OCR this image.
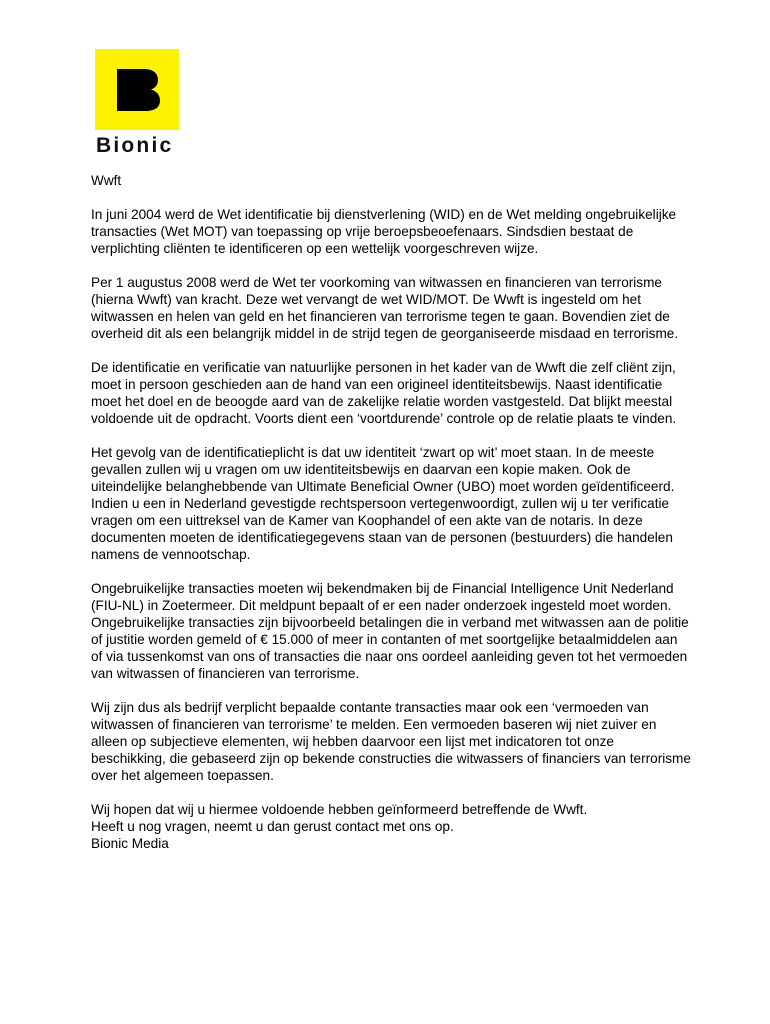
Bionic
Wwft

In juni 2004 werd de Wet identificatie bij dienstverlening (WID) en de Wet melding ongebruikelijke transacties (Wet MOT) van toepassing op vrije beroepsbeoefenaars. Sindsdien bestaat de verplichting cliënten te identificeren op een wettelijk voorgeschreven wijze.

Per 1 augustus 2008 werd de Wet ter voorkoming van witwassen en financieren van terrorisme (hierna Wwft) van kracht. Deze wet vervangt de wet WID/MOT. De Wwft is ingesteld om het witwassen en helen van geld en het financieren van terrorisme tegen te gaan. Bovendien ziet de overheid dit als een belangrijk middel in de strijd tegen de georganiseerde misdaad en terrorisme.

De identificatie en verificatie van natuurlijke personen in het kader van de Wwft die zelf cliënt zijn, moet in persoon geschieden aan de hand van een origineel identiteitsbewijs. Naast identificatie moet het doel en de beoogde aard van de zakelijke relatie worden vastgesteld. Dat blijkt meestal voldoende uit de opdracht. Voorts dient een ‘voortdurende’ controle op de relatie plaats te vinden.

Het gevolg van de identificatieplicht is dat uw identiteit ‘zwart op wit’ moet staan. In de meeste gevallen zullen wij u vragen om uw identiteitsbewijs en daarvan een kopie maken. Ook de uiteindelijke belanghebbende van Ultimate Beneficial Owner (UBO) moet worden geïdentificeerd. Indien u een in Nederland gevestigde rechtspersoon vertegenwoordigt, zullen wij u ter verificatie vragen om een uittreksel van de Kamer van Koophandel of een akte van de notaris. In deze documenten moeten de identificatiegegevens staan van de personen (bestuurders) die handelen namens de vennootschap.

Ongebruikelijke transacties moeten wij bekendmaken bij de Financial Intelligence Unit Nederland (FIU-NL) in Zoetermeer. Dit meldpunt bepaalt of er een nader onderzoek ingesteld moet worden. Ongebruikelijke transacties zijn bijvoorbeeld betalingen die in verband met witwassen aan de politie of justitie worden gemeld of € 15.000 of meer in contanten of met soortgelijke betaalmiddelen aan of via tussenkomst van ons of transacties die naar ons oordeel aanleiding geven tot het vermoeden van witwassen of financieren van terrorisme.

Wij zijn dus als bedrijf verplicht bepaalde contante transacties maar ook een ‘vermoeden van witwassen of financieren van terrorisme’ te melden. Een vermoeden baseren wij niet zuiver en alleen op subjectieve elementen, wij hebben daarvoor een lijst met indicatoren tot onze beschikking, die gebaseerd zijn op bekende constructies die witwassers of financiers van terrorisme over het algemeen toepassen.

Wij hopen dat wij u hiermee voldoende hebben geïnformeerd betreffende de Wwft.
Heeft u nog vragen, neemt u dan gerust contact met ons op.
Bionic Media
